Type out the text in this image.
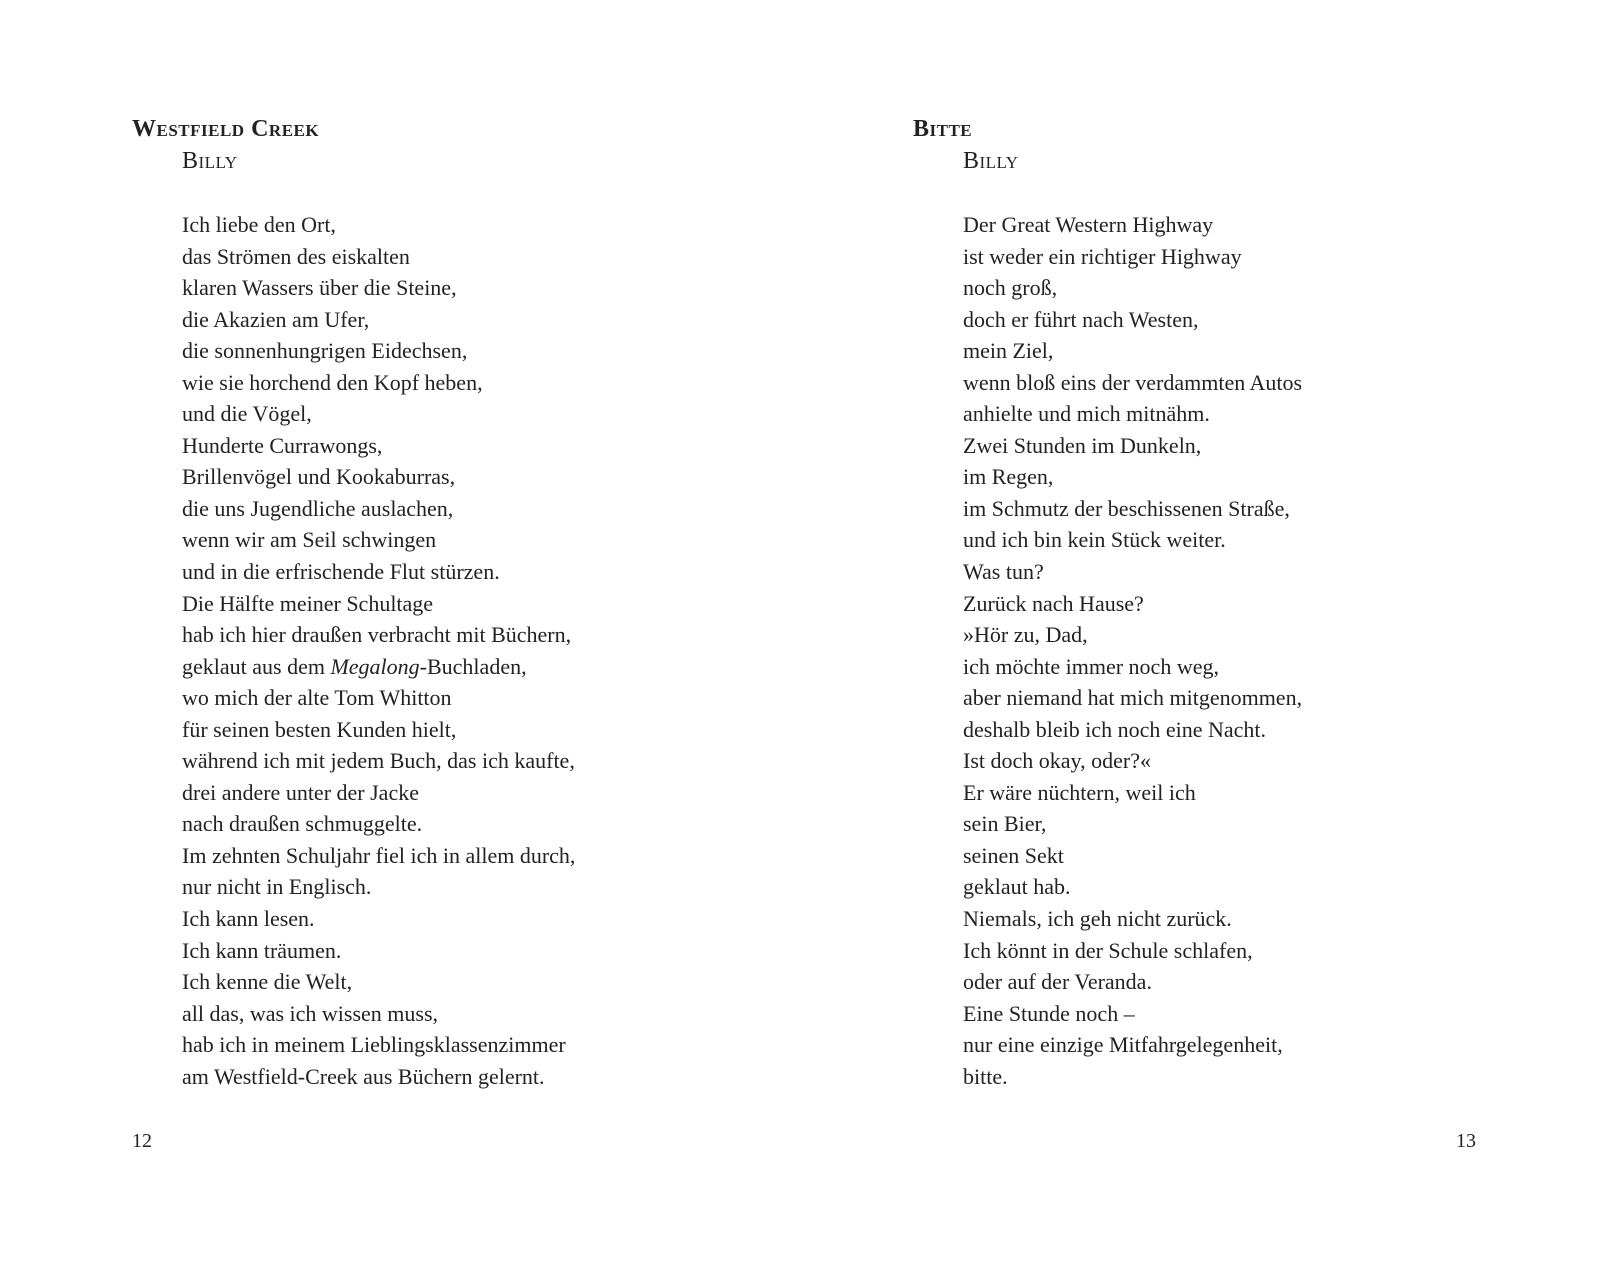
Westfield Creek
Billy
Ich liebe den Ort,
das Strömen des eiskalten
klaren Wassers über die Steine,
die Akazien am Ufer,
die sonnenhungrigen Eidechsen,
wie sie horchend den Kopf heben,
und die Vögel,
Hunderte Currawongs,
Brillenvögel und Kookaburras,
die uns Jugendliche auslachen,
wenn wir am Seil schwingen
und in die erfrischende Flut stürzen.
Die Hälfte meiner Schultage
hab ich hier draußen verbracht mit Büchern,
geklaut aus dem Megalong-Buchladen,
wo mich der alte Tom Whitton
für seinen besten Kunden hielt,
während ich mit jedem Buch, das ich kaufte,
drei andere unter der Jacke
nach draußen schmuggelte.
Im zehnten Schuljahr fiel ich in allem durch,
nur nicht in Englisch.
Ich kann lesen.
Ich kann träumen.
Ich kenne die Welt,
all das, was ich wissen muss,
hab ich in meinem Lieblingsklassenzimmer
am Westfield-Creek aus Büchern gelernt.
12
Bitte
Billy
Der Great Western Highway
ist weder ein richtiger Highway
noch groß,
doch er führt nach Westen,
mein Ziel,
wenn bloß eins der verdammten Autos
anhielte und mich mitnähm.
Zwei Stunden im Dunkeln,
im Regen,
im Schmutz der beschissenen Straße,
und ich bin kein Stück weiter.
Was tun?
Zurück nach Hause?
»Hör zu, Dad,
ich möchte immer noch weg,
aber niemand hat mich mitgenommen,
deshalb bleib ich noch eine Nacht.
Ist doch okay, oder?«
Er wäre nüchtern, weil ich
sein Bier,
seinen Sekt
geklaut hab.
Niemals, ich geh nicht zurück.
Ich könnt in der Schule schlafen,
oder auf der Veranda.
Eine Stunde noch –
nur eine einzige Mitfahrgelegenheit,
bitte.
13
